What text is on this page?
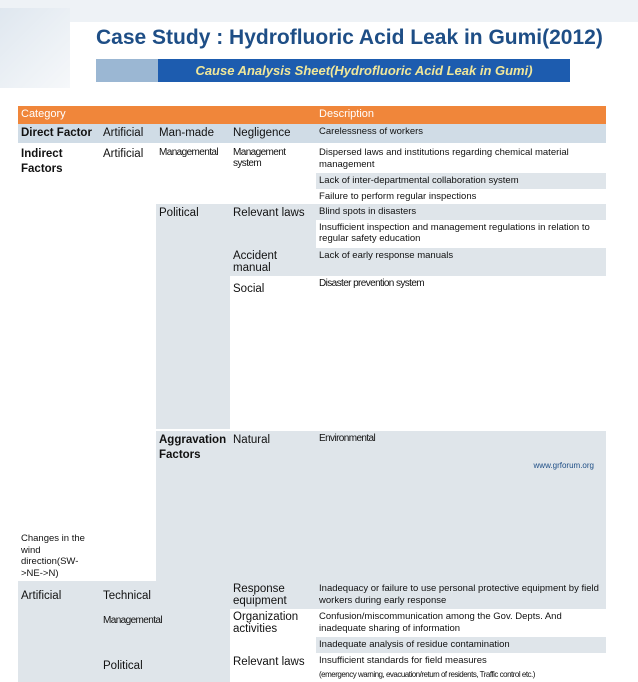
Case Study : Hydrofluoric Acid Leak in Gumi(2012)
Cause Analysis Sheet(Hydrofluoric Acid Leak in Gumi)
Category				Description	
Direct Factor	Artificial	Man-made	Negligence	Carelessness of workers	
Indirect Factors	Artificial	Managemental	Management system	Dispersed laws and institutions regarding chemical material management	
				Lack of inter-departmental collaboration system	
				Failure to perform regular inspections	
		Political	Relevant laws	Blind spots in disasters	
				Insufficient inspection and management regulations in relation to regular safety education	
			Accident manual	Lack of early response manuals	
			Social	Disaster prevention system	
		Aggravation Factors	Natural	Environmental		
Changes in the wind direction(SW->NE->N)					
Artificial	Technical		Response equipment	Inadequacy or failure to use personal protective equipment by field workers during early response	
	Managemental		Organization activities	Confusion/miscommunication among the Gov. Depts. And inadequate sharing of information	
				Inadequate analysis of residue contamination	
	Political		Relevant laws	Insufficient standards for field measures	
				(emergency warning, evacuation/return of residents, Traffic control etc.)	
www.grforum.org
